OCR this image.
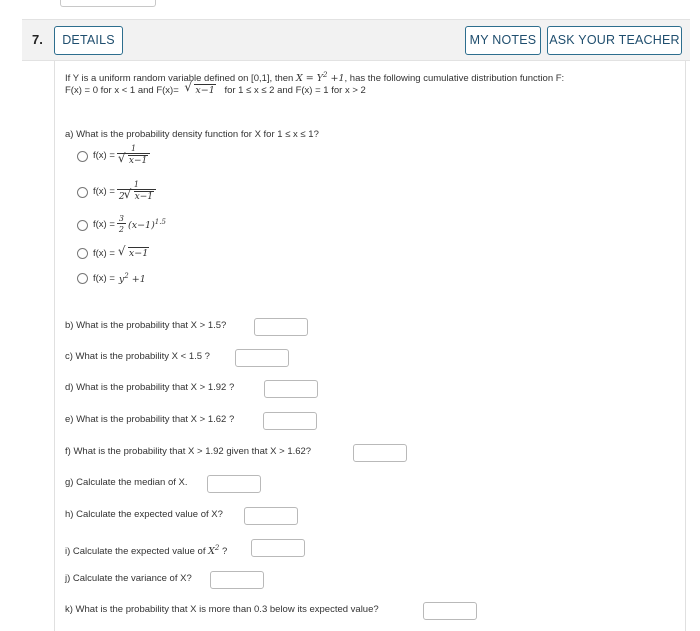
7.	DETAILS	MY NOTES	ASK YOUR TEACHER
If Y is a uniform random variable defined on [0,1], then $X = Y^2 +1$, has the following cumulative distribution function F:
F(x) = 0 for x < 1 and F(x)= √ x−1 for 1 ≤ x ≤ 2 and F(x) = 1 for x > 2
a) What is the probability density function for X for 1 ≤ x ≤ 1?
f(x) = 1
√ x−1
$f(x) = \frac{1}{2 √ x-1}$
$f(x) = \frac{3}{2} (x-1)^{1.5}$
f(x) =	√ x−1
$f(x) = y^2 +1$
b) What is the probability that X > 1.5?
c) What is the probability X < 1.5 ?
d) What is the probability that X > 1.92 ?
e) What is the probability that X > 1.62 ?
f) What is the probability that X > 1.92 given that X > 1.62?
g) Calculate the median of X.
h) Calculate the expected value of X?
i) Calculate the expected value of $X^2$ ?
j) Calculate the variance of X?
k) What is the probability that X is more than 0.3 below its expected value?
